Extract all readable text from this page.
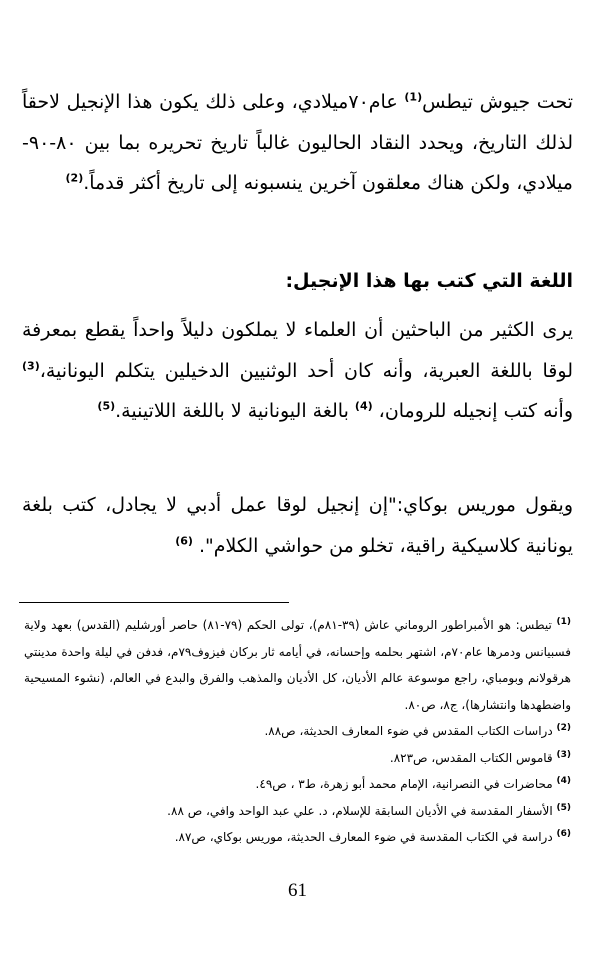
تحت جيوش تيطس$^{(1)}$ عام٧٠ميلادي، وعلى ذلك يكون هذا الإنجيل لاحقاً لذلك التاريخ، ويحدد النقاد الحاليون غالباً تاريخ تحريره بما بين ٨٠-٩٠-ميلادي، ولكن هناك معلقون آخرين ينسبونه إلى تاريخ أكثر قدماً.$^{(2)}$

اللغة التي كتب بها هذا الإنجيل:

يرى الكثير من الباحثين أن العلماء لا يملكون دليلاً واحداً يقطع بمعرفة لوقا باللغة العبرية، وأنه كان أحد الوثنيين الدخيلين يتكلم اليونانية،$^{(3)}$ وأنه كتب إنجيله للرومان، $^{(4)}$ بالغة اليونانية لا باللغة اللاتينية.$^{(5)}$

ويقول موريس بوكاي:"إن إنجيل لوقا عمل أدبي لا يجادل، كتب بلغة يونانية كلاسيكية راقية، تخلو من حواشي الكلام". $^{(6)}$

$^{(1)}$ تيطس: هو الأمبراطور الروماني عاش (٣٩-٨١م)، تولى الحكم (٧٩-٨١) حاصر أورشليم (القدس) بعهد ولاية فسبيانس ودمرها عام٧٠م، اشتهر بحلمه وإحسانه، في أيامه ثار بركان فيزوف٧٩م، فدفن في ليلة واحدة مدينتي هرقولانم وبومباي، راجع موسوعة عالم الأديان، كل الأديان والمذهب والفرق والبدع في العالم، (نشوء المسيحية واضطهدها وانتشارها)، ج٨، ص٨٠.

$^{(2)}$ دراسات الكتاب المقدس في ضوء المعارف الحديثة، ص٨٨.

$^{(3)}$ قاموس الكتاب المقدس، ص٨٢٣.

$^{(4)}$ محاضرات في النصرانية، الإمام محمد أبو زهرة، ط٣ ، ص٤٩.

$^{(5)}$ الأسفار المقدسة في الأديان السابقة للإسلام، د. علي عبد الواحد وافي، ص ٨٨.

$^{(6)}$ دراسة في الكتاب المقدسة في ضوء المعارف الحديثة، موريس بوكاي، ص٨٧.

61
